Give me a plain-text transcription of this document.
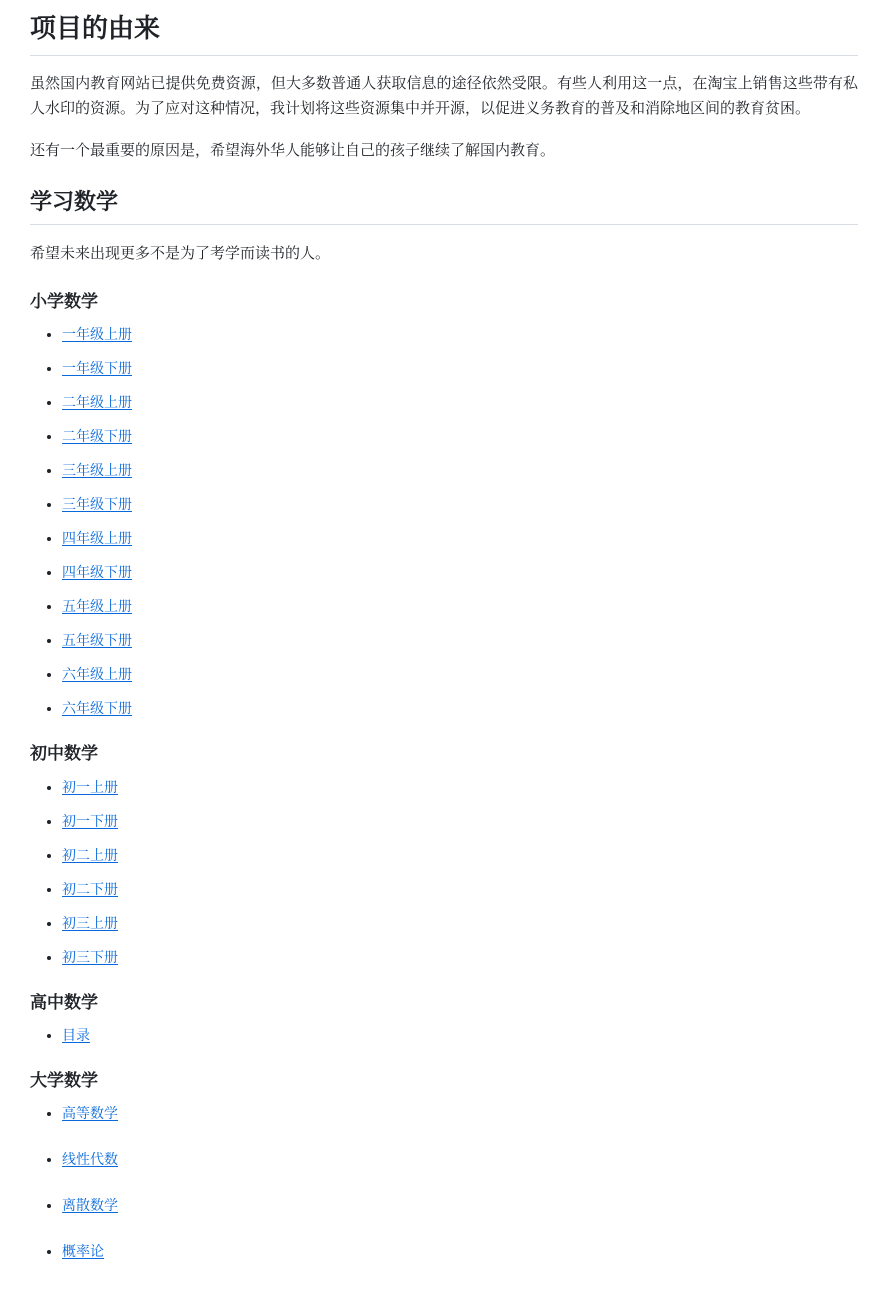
项目的由来

虽然国内教育网站已提供免费资源，但大多数普通人获取信息的途径依然受限。有些人利用这一点，在淘宝上销售这些带有私人水印的资源。为了应对这种情况，我计划将这些资源集中并开源，以促进义务教育的普及和消除地区间的教育贫困。

还有一个最重要的原因是，希望海外华人能够让自己的孩子继续了解国内教育。

学习数学

希望未来出现更多不是为了考学而读书的人。

小学数学
• 一年级上册
• 一年级下册
• 二年级上册
• 二年级下册
• 三年级上册
• 三年级下册
• 四年级上册
• 四年级下册
• 五年级上册
• 五年级下册
• 六年级上册
• 六年级下册
初中数学
• 初一上册
• 初一下册
• 初二上册
• 初二下册
• 初三上册
• 初三下册
高中数学
• 目录
大学数学
• 高等数学
• 线性代数
• 离散数学
• 概率论
